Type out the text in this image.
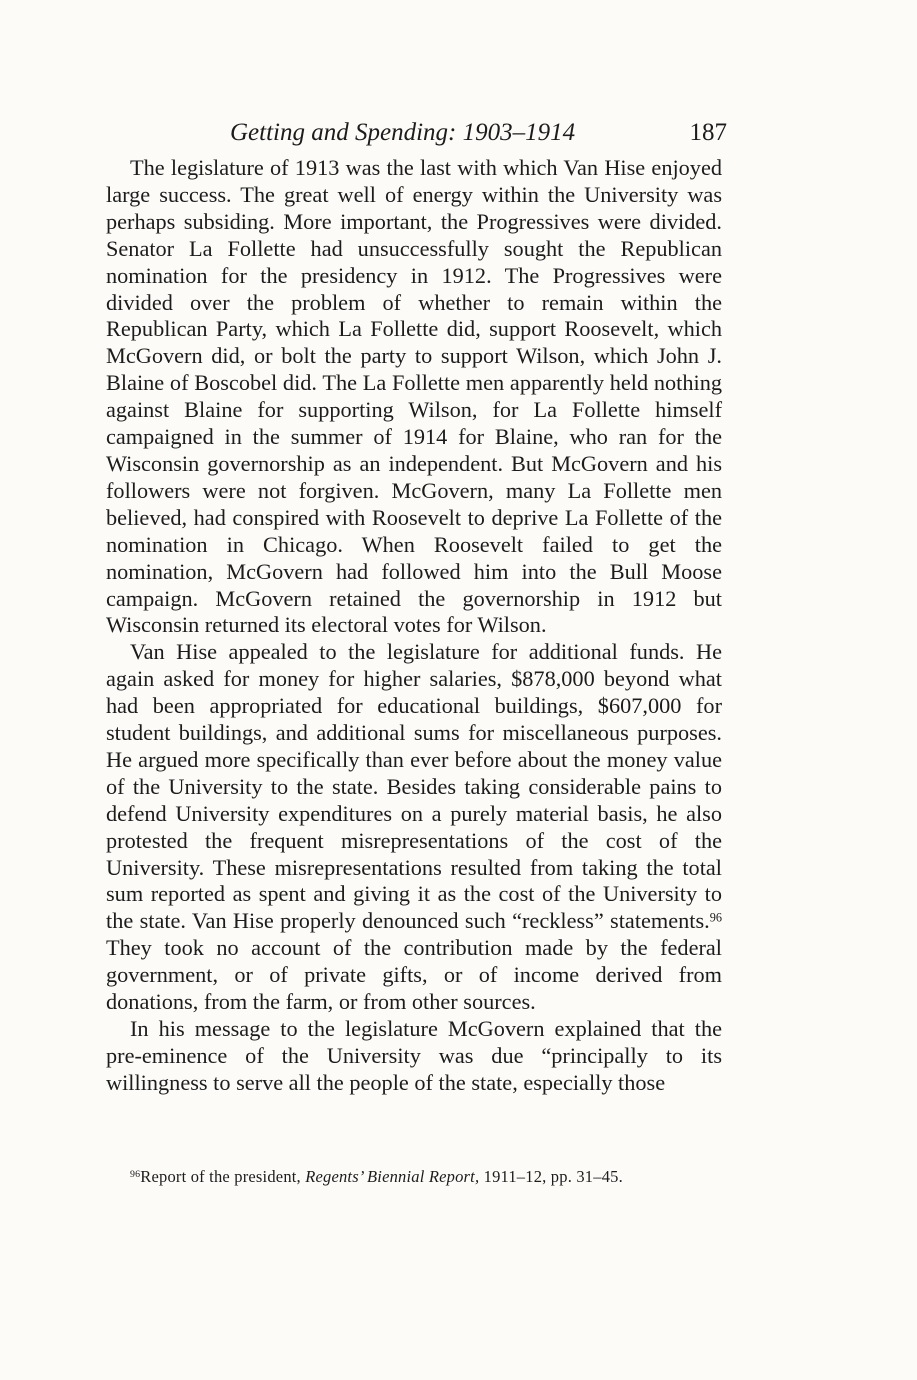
Getting and Spending: 1903–1914	187

The legislature of 1913 was the last with which Van Hise enjoyed large success. The great well of energy within the University was perhaps subsiding. More important, the Progressives were divided. Senator La Follette had unsuccessfully sought the Republican nomination for the presidency in 1912. The Progressives were divided over the problem of whether to remain within the Republican Party, which La Follette did, support Roosevelt, which McGovern did, or bolt the party to support Wilson, which John J. Blaine of Boscobel did. The La Follette men apparently held nothing against Blaine for supporting Wilson, for La Follette himself campaigned in the summer of 1914 for Blaine, who ran for the Wisconsin governorship as an independent. But McGovern and his followers were not forgiven. McGovern, many La Follette men believed, had conspired with Roosevelt to deprive La Follette of the nomination in Chicago. When Roosevelt failed to get the nomination, McGovern had followed him into the Bull Moose campaign. McGovern retained the governorship in 1912 but Wisconsin returned its electoral votes for Wilson.

Van Hise appealed to the legislature for additional funds. He again asked for money for higher salaries, $878,000 beyond what had been appropriated for educational buildings, $607,000 for student buildings, and additional sums for miscellaneous purposes. He argued more specifically than ever before about the money value of the University to the state. Besides taking considerable pains to defend University expenditures on a purely material basis, he also protested the frequent misrepresentations of the cost of the University. These misrepresentations resulted from taking the total sum reported as spent and giving it as the cost of the University to the state. Van Hise properly denounced such “reckless” statements.$^{96}$ They took no account of the contribution made by the federal government, or of private gifts, or of income derived from donations, from the farm, or from other sources.

In his message to the legislature McGovern explained that the pre-eminence of the University was due “principally to its willingness to serve all the people of the state, especially those

$^{96}$Report of the president, Regents’ Biennial Report, 1911–12, pp. 31–45.
